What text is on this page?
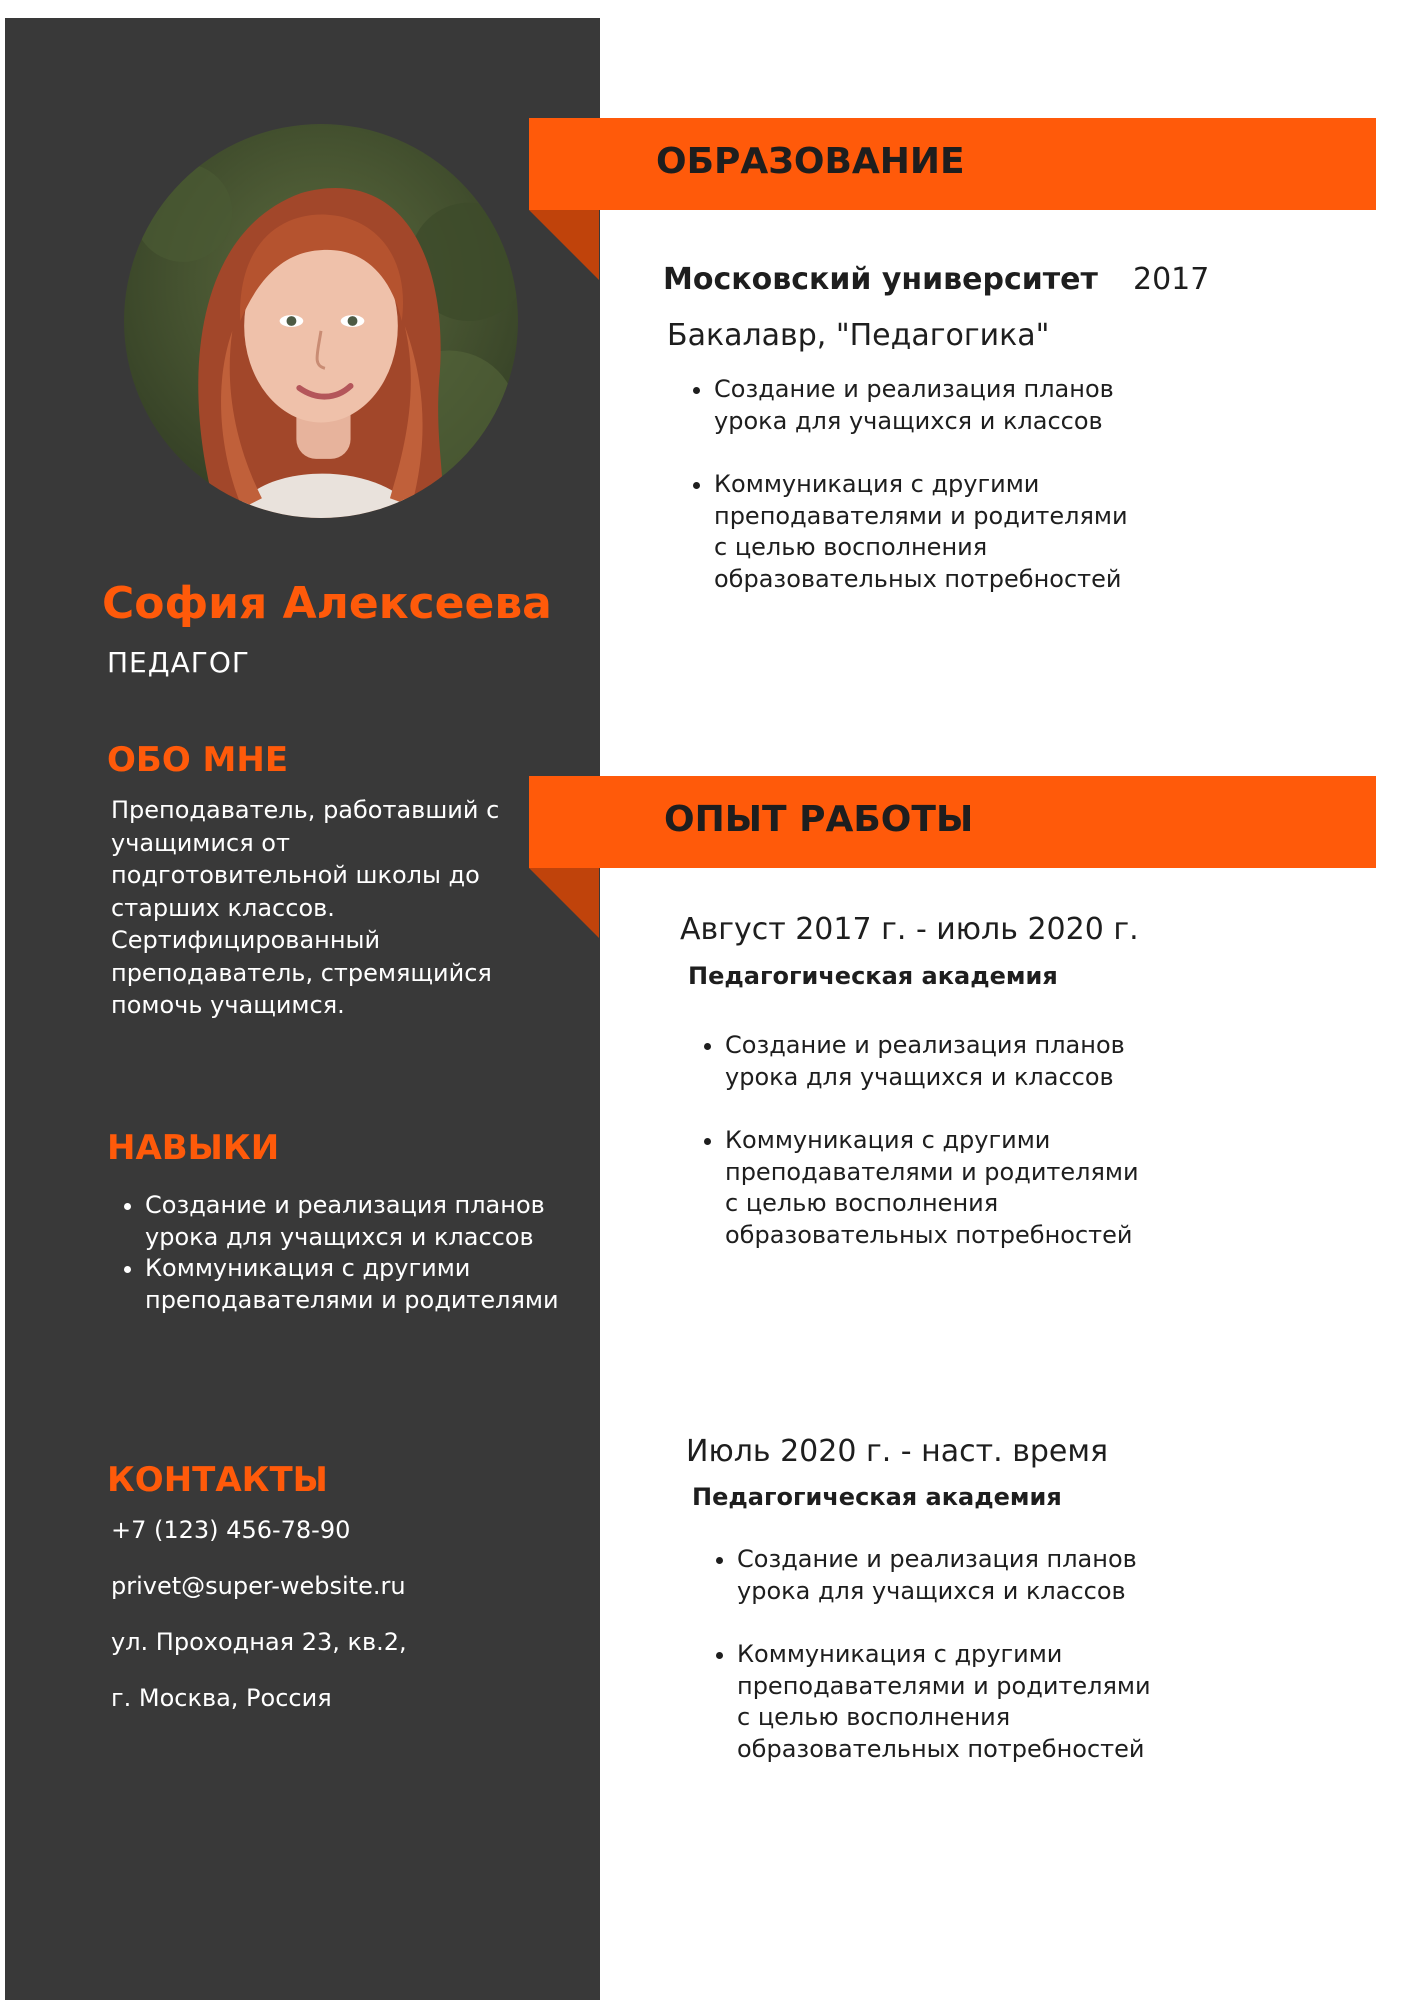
София Алексеева
ПЕДАГОГ
ОБО МНЕ
Преподаватель, работавший с учащимися от подготовительной школы до старших классов. Сертифицированный преподаватель, стремящийся помочь учащимся.
НАВЫКИ
• Создание и реализация планов урока для учащихся и классов
• Коммуникация с другими преподавателями и родителями
КОНТАКТЫ
+7 (123) 456-78-90
privet@super-website.ru
ул. Проходная 23, кв.2,
г. Москва, Россия
ОБРАЗОВАНИЕ
Московский университет 2017
Бакалавр, "Педагогика"
• Создание и реализация планов урока для учащихся и классов
• Коммуникация с другими преподавателями и родителями с целью восполнения образовательных потребностей
ОПЫТ РАБОТЫ
Август 2017 г. - июль 2020 г.
Педагогическая академия
• Создание и реализация планов урока для учащихся и классов
• Коммуникация с другими преподавателями и родителями с целью восполнения образовательных потребностей
Июль 2020 г. - наст. время
Педагогическая академия
• Создание и реализация планов урока для учащихся и классов
• Коммуникация с другими преподавателями и родителями с целью восполнения образовательных потребностей
